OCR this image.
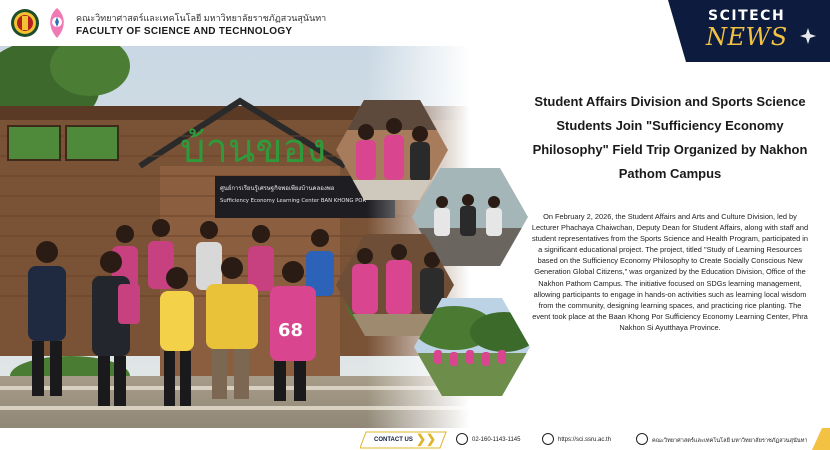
คณะวิทยาศาสตร์และเทคโนโลยี มหาวิทยาลัยราชภัฏสวนสุนันทา
FACULTY OF SCIENCE AND TECHNOLOGY
SCITECH
NEWS
Student Affairs Division and Sports Science Students Join "Sufficiency Economy Philosophy" Field Trip Organized by Nakhon Pathom Campus
On February 2, 2026, the Student Affairs and Arts and Culture Division, led by Lecturer Phachaya Chaiwchan, Deputy Dean for Student Affairs, along with staff and student representatives from the Sports Science and Health Program, participated in a significant educational project. The project, titled "Study of Learning Resources based on the Sufficiency Economy Philosophy to Create Socially Conscious New Generation Global Citizens," was organized by the Education Division, Office of the Nakhon Pathom Campus. The initiative focused on SDGs learning management, allowing participants to engage in hands-on activities such as learning local wisdom from the community, designing learning spaces, and practicing rice planting. The event took place at the Baan Khong Por Sufficiency Economy Learning Center, Phra Nakhon Si Ayutthaya Province.
CONTACT US ❯❯	02-160-1143-1145	https://sci.ssru.ac.th	คณะวิทยาศาสตร์และเทคโนโลยี มหาวิทยาลัยราชภัฏสวนสุนันทา
